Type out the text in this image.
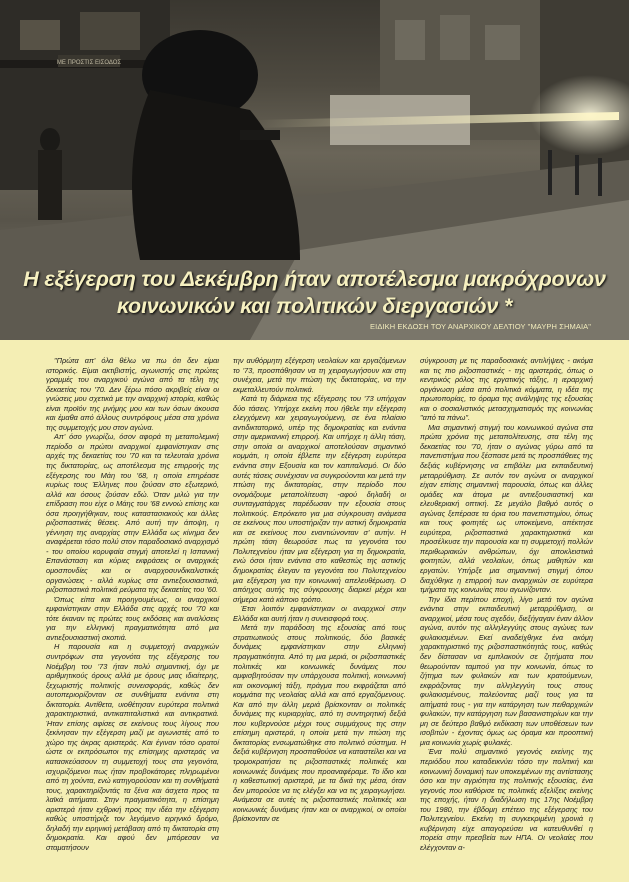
ΜΕ ΠΡΟΣΤΙΣ ΕΙΣΟΔΟΣ
Η εξέγερση του Δεκέμβρη ήταν αποτέλεσμα μακρόχρονων
κοινωνικών και πολιτικών διεργασιών *
ΕΙΔΙΚΗ ΕΚΔΟΣΗ ΤΟΥ ΑΝΑΡΧΙΚΟΥ ΔΕΛΤΙΟΥ "ΜΑΥΡΗ ΣΗΜΑΙΑ"

"Πρώτα απ' όλα θέλω να πω ότι δεν είμαι ιστορικός. Είμαι ακτιβιστής, αγωνιστής στις πρώτες γραμμές του αναρχικού αγώνα από τα τέλη της δεκαετίας του '70. Δεν ξέρω πόσο ακριβείς είναι οι γνώσεις μου σχετικά με την αναρχική ιστορία, καθώς είναι προϊόν της μνήμης μου και των όσων άκουσα και έμαθα από άλλους συντρόφους μέσα στα χρόνια της συμμετοχής μου στον αγώνα.

Απ' όσο γνωρίζω, όσον αφορά τη μεταπολεμική περίοδο οι πρώτοι αναρχικοί εμφανίστηκαν στις αρχές της δεκαετίας του '70 και τα τελευταία χρόνια της δικτατορίας, ως αποτέλεσμα της επιρροής της εξέγερσης του Μάη του '68, η οποία επηρέασε κυρίως τους Έλληνες που ζούσαν στο εξωτερικό, αλλά και όσους ζούσαν εδώ. Όταν μιλώ για την επίδραση που είχε ο Μάης του '68 εννοώ επίσης και όσα προηγήθηκαν, τους καταστασιακούς και άλλες ριζοσπαστικές θέσεις. Από αυτή την άποψη, η γέννηση της αναρχίας στην Ελλάδα ως κίνημα δεν αναφέρεται τόσο πολύ στον παραδοσιακό αναρχισμό - του οποίου κορυφαία στιγμή αποτελεί η Ισπανική Επανάσταση και κύριες εκφράσεις οι αναρχικές ομοσπονδίες και οι αναρχοσυνδικαλιστικές οργανώσεις - αλλά κυρίως στα αντιεξουσιαστικά, ριζοσπαστικά πολιτικά ρεύματα της δεκαετίας του '60.

Όπως είπα και προηγουμένως, οι αναρχικοί εμφανίστηκαν στην Ελλάδα στις αρχές του '70 και τότε έκαναν τις πρώτες τους εκδόσεις και αναλύσεις για την ελληνική πραγματικότητα από μια αντιεξουσιαστική σκοπιά.

Η παρουσία και η συμμετοχή αναρχικών συντρόφων στα γεγονότα της εξέγερσης του Νοέμβρη του '73 ήταν πολύ σημαντική, όχι με αριθμητικούς όρους αλλά με όρους μιας ιδιαίτερης, ξεχωριστής πολιτικής συνεισφοράς, καθώς δεν αυτοπεριορίζονταν σε συνθήματα ενάντια στη δικτατορία. Αντίθετα, υιοθέτησαν ευρύτερα πολιτικά χαρακτηριστικά, αντικαπιταλιστικά και αντικρατικά. Ήταν επίσης αφίσες σε εκείνους τους λίγους που ξεκίνησαν την εξέγερση μαζί με αγωνιστές από το χώρο της άκρας αριστεράς. Και έγιναν τόσο ορατοί ώστε οι εκπρόσωποι της επίσημης αριστεράς να κατασκεύασουν τη συμμετοχή τους στα γεγονότα, ισχυριζόμενοι πως ήταν προβοκάτορες πληρωμένοι από τη χούντα, ενώ κατηγορούσαν και τη συνθήματά τους, χαρακτηρίζοντάς τα ξένα και άσχετα προς τα λαϊκά αιτήματα. Στην πραγματικότητα, η επίσημη αριστερά ήταν εχθρική προς την ιδέα την εξέγερση καθώς υποστήριζε τον λεγόμενο ειρηνικό δρόμο, δηλαδή την ειρηνική μετάβαση από τη δικτατορία στη δημοκρατία. Και αφού δεν μπόρεσαν να σταματήσουν

την αυθόρμητη εξέγερση νεολαίων και εργαζόμενων το '73, προσπάθησαν να τη χειραγωγήσουν και στη συνέχεια, μετά την πτώση της δικτατορίας, να την εκμεταλλευτούν πολιτικά.

Κατά τη διάρκεια της εξέγερσης του '73 υπήρχαν δύο τάσεις. Υπήρχε εκείνη που ήθελε την εξέγερση ελεγχόμενη και χειραγωγούμενη, σε ένα πλαίσιο αντιδικτατορικό, υπέρ της δημοκρατίας και ενάντια στην αμερικανική επιρροή. Και υπήρχε η άλλη τάση, στην οποία οι αναρχικοί αποτελούσαν σημαντικό κομμάτι, η οποία έβλεπε την εξέγερση ευρύτερα ενάντια στην Εξουσία και τον καπιταλισμό. Οι δύο αυτές τάσεις συνέχισαν να συγκρούονται και μετά την πτώση της δικτατορίας, στην περίοδο που ονομάζουμε μεταπολίτευση -αφού δηλαδή οι συνταγματάρχες παρέδωσαν την εξουσία στους πολιτικούς. Επρόκειτο για μια σύγκρουση ανάμεσα σε εκείνους που υποστήριζαν την αστική δημοκρατία και σε εκείνους που εναντιώνονταν σ' αυτήν. Η πρώτη τάση θεωρούσε πως τα γεγονότα του Πολυτεχνείου ήταν μια εξέγερση για τη δημοκρατία, ενώ όσοι ήταν ενάντια στο καθεστώς της αστικής δημοκρατίας έλεγαν τα γεγονότα του Πολυτεχνείου μια εξέγερση για την κοινωνική απελευθέρωση. Ο απόηχος αυτής της σύγκρουσης διαρκεί μέχρι και σήμερα κατά κάποιο τρόπο.

Έτσι λοιπόν εμφανίστηκαν οι αναρχικοί στην Ελλάδα και αυτή ήταν η συνεισφορά τους.

Μετά την παράδοση της εξουσίας από τους στρατιωτικούς στους πολιτικούς, δύο βασικές δυνάμεις εμφανίστηκαν στην ελληνική πραγματικότητα. Από τη μια μεριά, οι ριζοσπαστικές πολιτικές και κοινωνικές δυνάμεις που αμφισβητούσαν την υπάρχουσα πολιτική, κοινωνική και οικονομική τάξη, πράγμα που εκφράζεται από κομμάτια της νεολαίας αλλά και από εργαζόμενους. Και από την άλλη μεριά βρίσκονταν οι πολιτικές δυνάμεις της κυριαρχίας, από τη συντηρητική δεξιά που κυβερνούσε μέχρι τους συμμάχους της στην επίσημη αριστερά, η οποία μετά την πτώση της δικτατορίας ενσωματώθηκε στο πολιτικό σύστημα. Η δεξιά κυβέρνηση προσπαθούσε να καταστείλει και να τρομοκρατήσει τις ριζοσπαστικές πολιτικές και κοινωνικές δυνάμεις που προαναφέραμε. Το ίδιο και η καθεστωτική αριστερά, με τα δικά της μέσα, όταν δεν μπορούσε να τις ελέγξει και να τις χειραγωγήσει. Ανάμεσα σε αυτές τις ριζοσπαστικές πολιτικές και κοινωνικές δυνάμεις ήταν και οι αναρχικοί, οι οποίοι βρίσκονταν σε

σύγκρουση με τις παραδοσιακές αντιλήψεις - ακόμα και τις πιο ριζοσπαστικές - της αριστεράς, όπως ο κεντρικός ρόλος της εργατικής τάξης, η ιεραρχική οργάνωση μέσα από πολιτικά κόμματα, η ιδέα της πρωτοπορίας, το όραμα της ανάληψης της εξουσίας και ο σοσιαλιστικός μετασχηματισμός της κοινωνίας "από τα πάνω".

Μια σημαντική στιγμή του κοινωνικού αγώνα στα πρώτα χρόνια της μεταπολίτευσης, στα τέλη της δεκαετίας του '70, ήταν ο αγώνας γύρω από τα πανεπιστήμια που ξέσπασε μετά τις προσπάθειες της δεξιάς κυβέρνησης να επιβάλει μια εκπαιδευτική μεταρρύθμιση. Σε αυτόν τον αγώνα οι αναρχικοί είχαν επίσης σημαντική παρουσία, όπως και άλλες ομάδες και άτομα με αντιεξουσιαστική και ελευθεριακή οπτική. Σε μεγάλο βαθμό αυτός ο αγώνας ξεπέρασε τα όρια του πανεπιστημίου, όπως και τους φοιτητές ως υποκείμενο, απέκτησε ευρύτερα, ριζοσπαστικά χαρακτηριστικά και προσέλκυσε την παρουσία και τη συμμετοχή πολλών περιθωριακών ανθρώπων, όχι αποκλειστικά φοιτητών, αλλά νεολαίων, όπως μαθητών και εργατών. Υπήρξε μια σημαντική στιγμή όπου διαχύθηκε η επιρροή των αναρχικών σε ευρύτερα τμήματα της κοινωνίας που αγωνίζονταν.

Την ίδια περίπου εποχή, λίγο μετά τον αγώνα ενάντια στην εκπαιδευτική μεταρρύθμιση, οι αναρχικοί, μέσα τους σχεδόν, διεξήγαγαν έναν άλλον αγώνα, αυτόν της αλληλεγγύης στους αγώνες των φυλακισμένων. Εκεί αναδείχθηκε ένα ακόμη χαρακτηριστικό της ριζοσπαστικότητάς τους, καθώς δεν δίστασαν να εμπλακούν σε ζητήματα που θεωρούνταν ταμπού για την κοινωνία, όπως το ζήτημα των φυλακών και των κρατούμενων, εκφράζοντας την αλληλεγγύη τους στους φυλακισμένους, παλεύοντας μαζί τους για τα αιτήματά τους - για την κατάργηση των πειθαρχικών φυλακών, την κατάργηση των βασανιστηρίων και την μη σε δεύτερο βαθμό εκδίκαση των υποθέσεων των ισοβιτών - έχοντας όμως ως όραμα και προοπτική μια κοινωνία χωρίς φυλακές.

Ένα πολύ σημαντικό γεγονός εκείνης της περιόδου που καταδεικνύει τόσο την πολιτική και κοινωνική δυναμική των υποκειμένων της αντίστασης όσο και την αγριότητα της πολιτικής εξουσίας, ένα γεγονός που καθόρισε τις πολιτικές εξελίξεις εκείνης της εποχής, ήταν η διαδήλωση της 17ης Νοέμβρη του 1980, την έβδομη επέτειο της εξέγερσης του Πολυτεχνείου. Εκείνη τη συγκεκριμένη χρονιά η κυβέρνηση είχε απαγορεύσει να κατευθυνθεί η πορεία στην πρεσβεία των ΗΠΑ. Οι νεολαίες που ελέγχονταν α-
